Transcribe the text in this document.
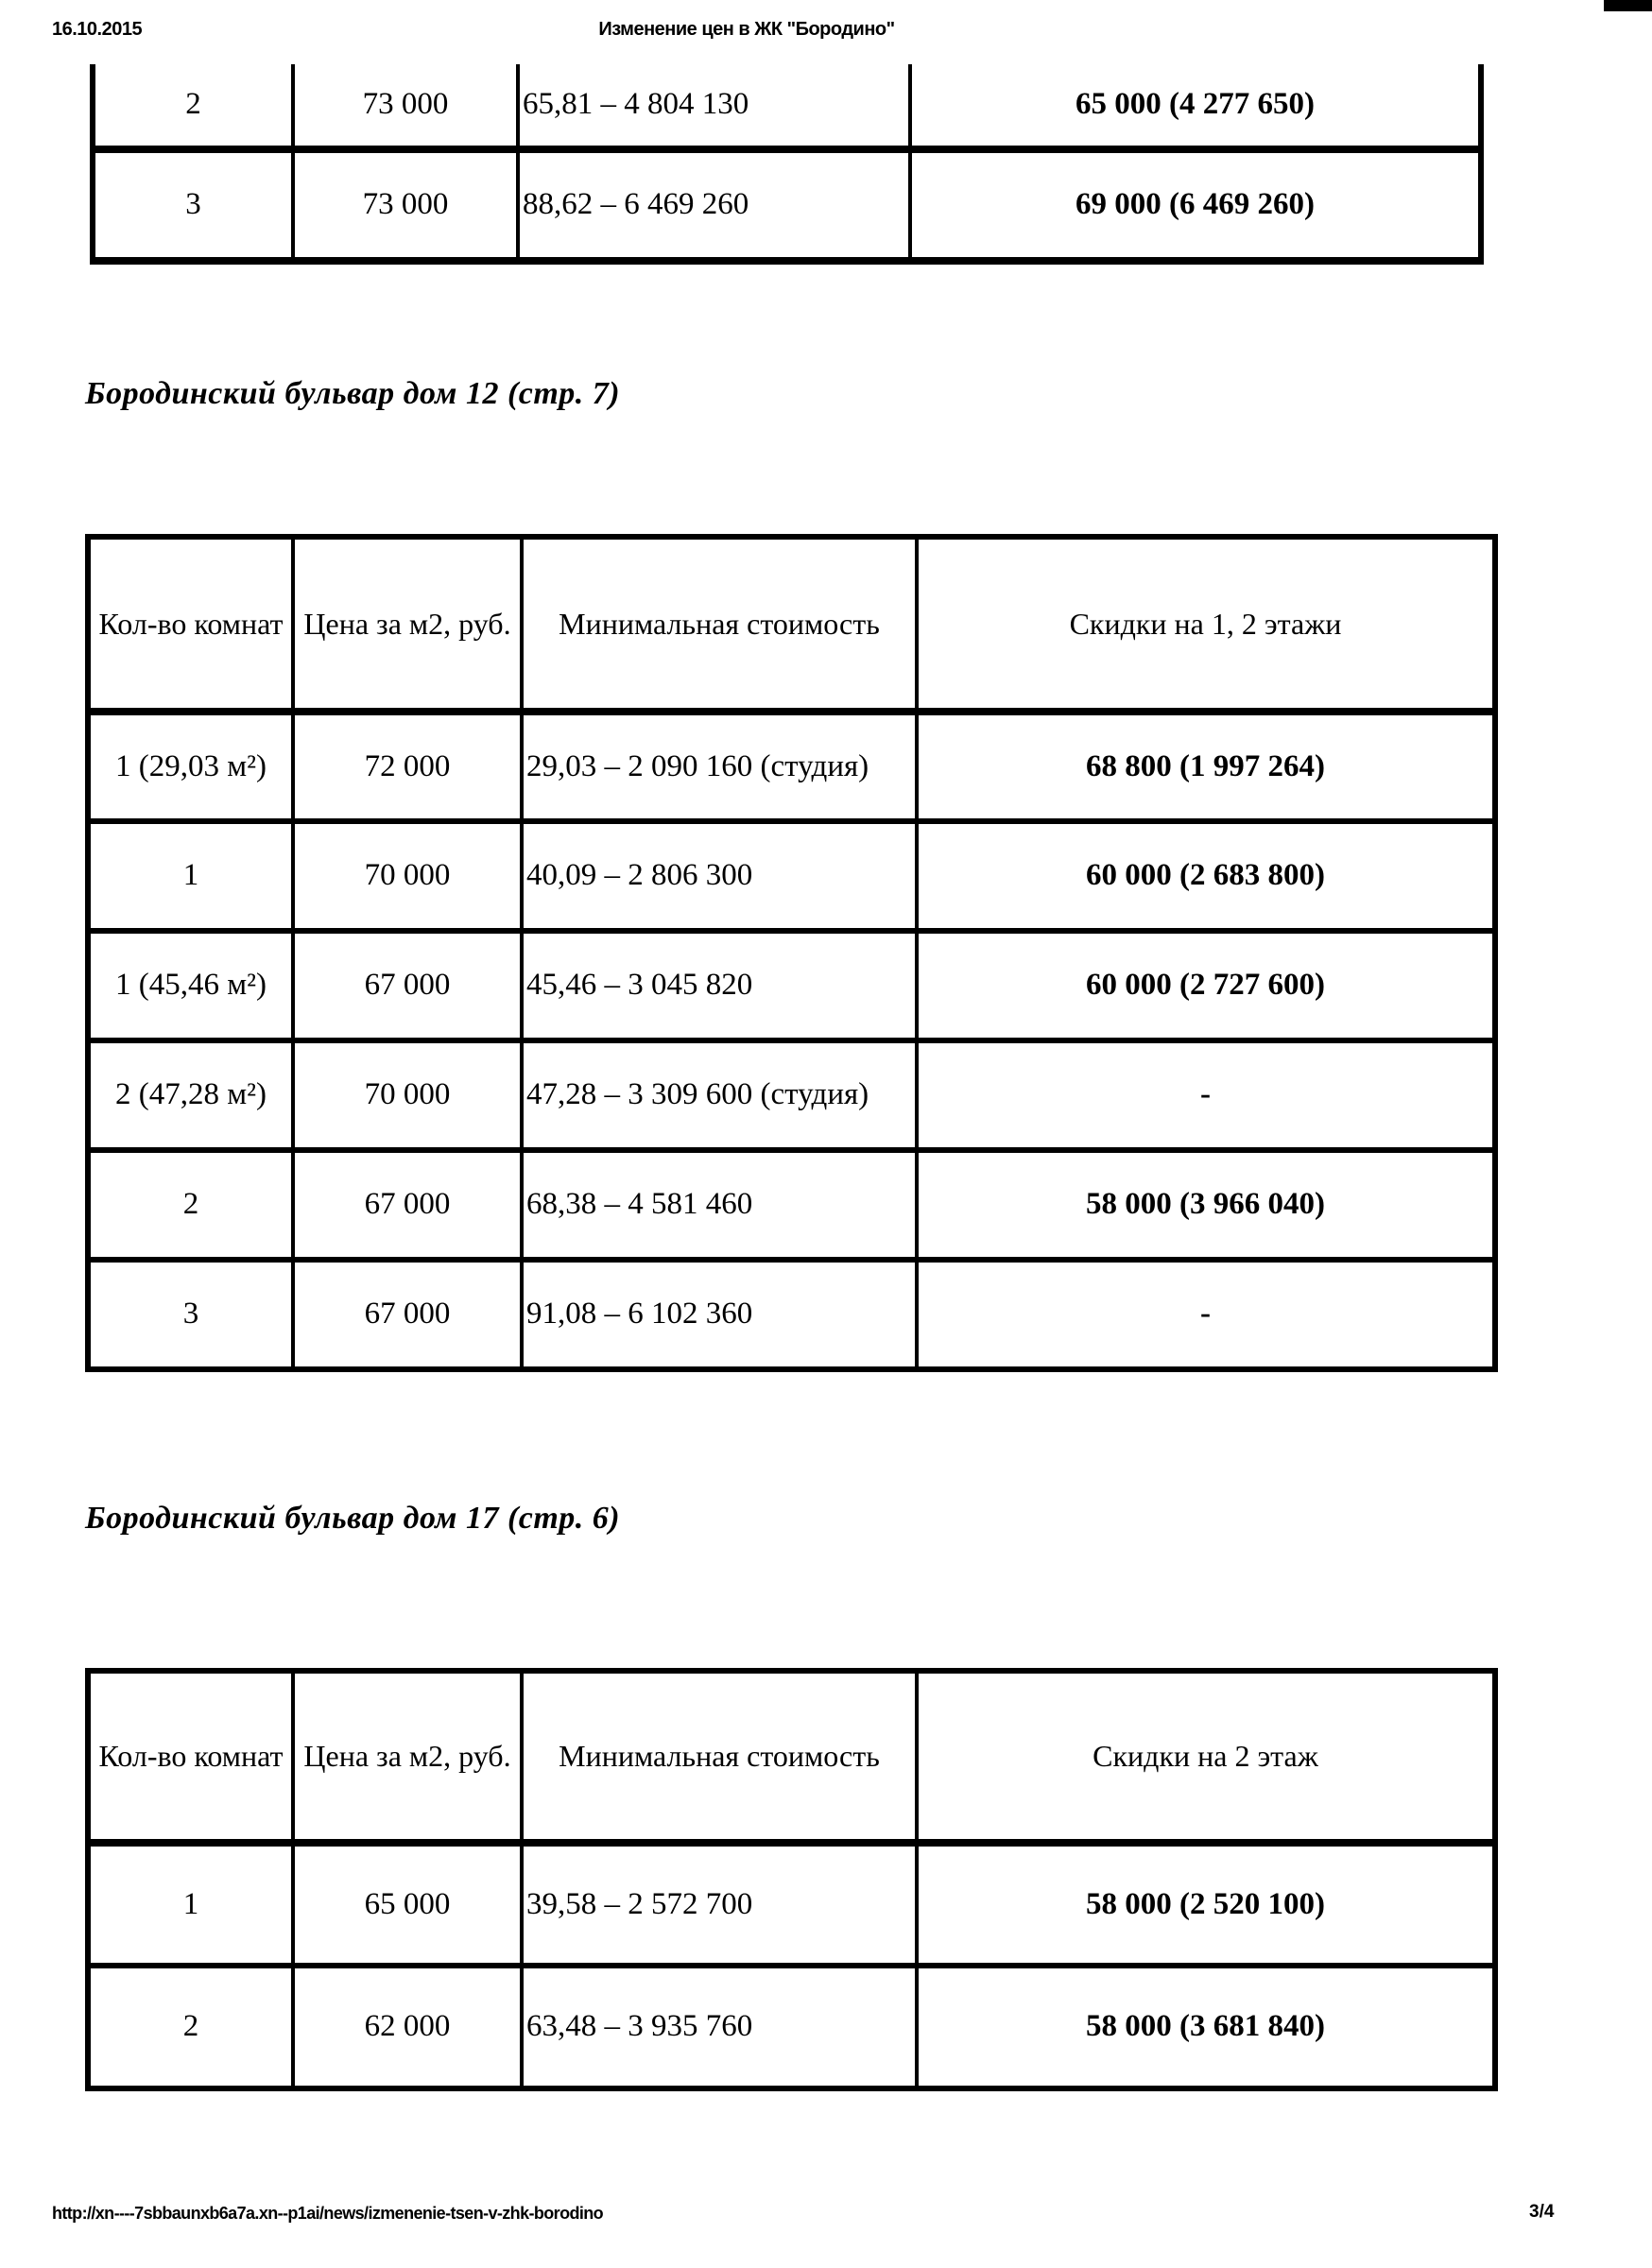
16.10.2015	Изменение цен в ЖК "Бородино"
2	73 000	65,81 – 4 804 130	65 000 (4 277 650)
3	73 000	88,62 – 6 469 260	69 000 (6 469 260)
Бородинский бульвар дом 12 (стр. 7)
Кол-во комнат	Цена за м2, руб.	Минимальная стоимость	Скидки на 1, 2 этажи
1 (29,03 м²)	72 000	29,03 – 2 090 160 (студия)	68 800 (1 997 264)
1	70 000	40,09 – 2 806 300	60 000 (2 683 800)
1 (45,46 м²)	67 000	45,46 – 3 045 820	60 000 (2 727 600)
2 (47,28 м²)	70 000	47,28 – 3 309 600 (студия)	-
2	67 000	68,38 – 4 581 460	58 000 (3 966 040)
3	67 000	91,08 – 6 102 360	-
Бородинский бульвар дом 17 (стр. 6)
Кол-во комнат	Цена за м2, руб.	Минимальная стоимость	Скидки на 2 этаж
1	65 000	39,58 – 2 572 700	58 000 (2 520 100)
2	62 000	63,48 – 3 935 760	58 000 (3 681 840)
http://xn----7sbbaunxb6a7a.xn--p1ai/news/izmenenie-tsen-v-zhk-borodino	3/4
